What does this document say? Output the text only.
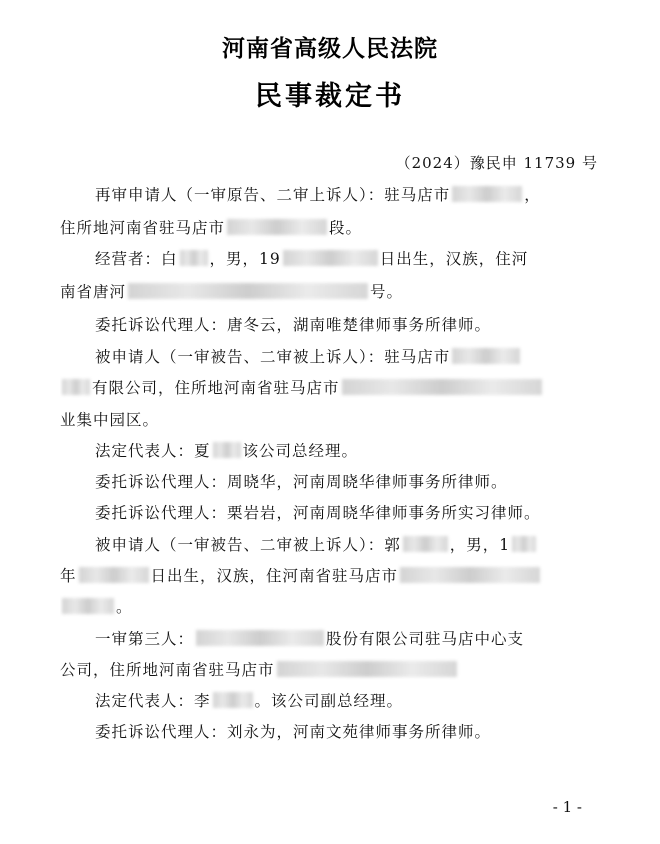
河南省高级人民法院
民事裁定书
（2024）豫民申 11739 号
再审申请人（一审原告、二审上诉人）：驻马店市	，
住所地河南省驻马店市	段。
经营者：白 ，男，19	日出生，汉族，住河
南省唐河	号。
委托诉讼代理人：唐冬云，湖南唯楚律师事务所律师。
被申请人（一审被告、二审被上诉人）：驻马店市
有限公司，住所地河南省驻马店市
业集中园区。
法定代表人：夏 该公司总经理。
委托诉讼代理人：周晓华，河南周晓华律师事务所律师。
委托诉讼代理人：栗岩岩，河南周晓华律师事务所实习律师。
被申请人（一审被告、二审被上诉人）：郭	，男，1
年	日出生，汉族，住河南省驻马店市
。
一审第三人：	股份有限公司驻马店中心支
公司，住所地河南省驻马店市
法定代表人：李	。该公司副总经理。
委托诉讼代理人：刘永为，河南文苑律师事务所律师。
- 1 -
